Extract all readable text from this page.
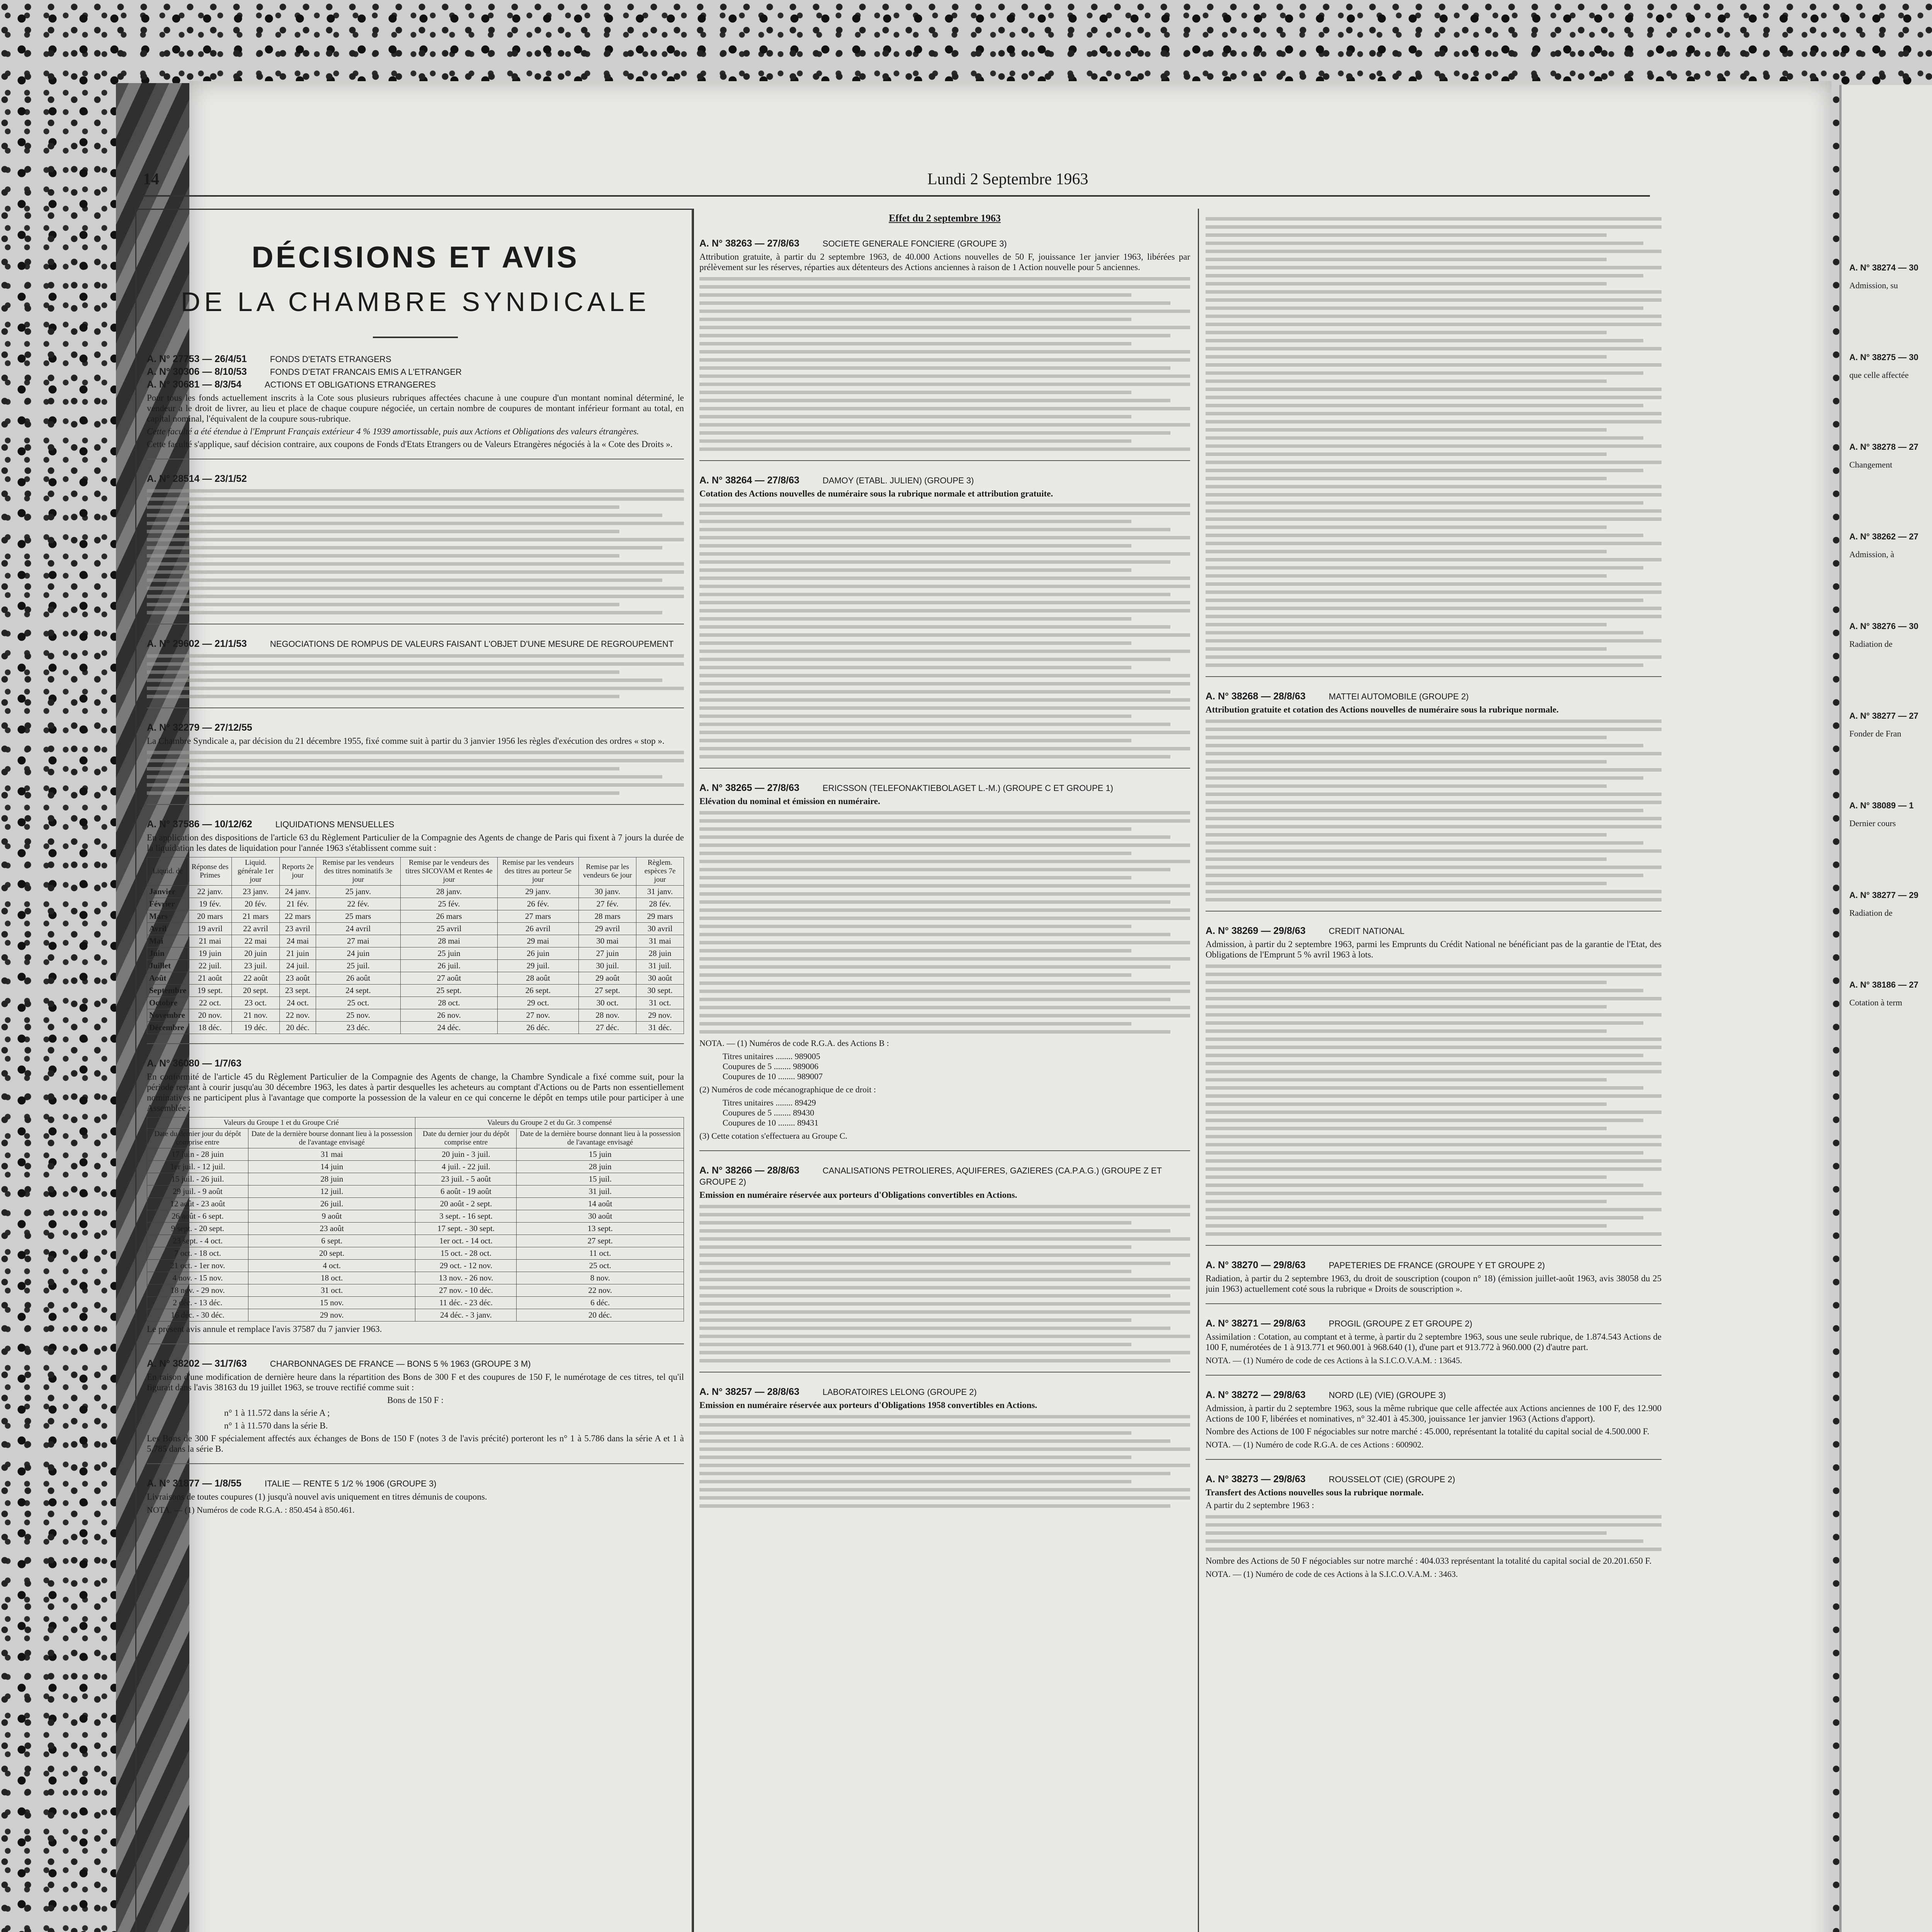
14	Lundi 2 Septembre 1963
DÉCISIONS ET AVIS
DE LA CHAMBRE SYNDICALE
A. N° 27753 — 26/4/51	FONDS D'ETATS ETRANGERS
A. N° 30306 — 8/10/53	FONDS D'ETAT FRANCAIS EMIS A L'ETRANGER
A. N° 30681 — 8/3/54	ACTIONS ET OBLIGATIONS ETRANGERES

Pour tous les fonds actuellement inscrits à la Cote sous plusieurs rubriques affectées chacune à une coupure d'un montant nominal déterminé, le vendeur a le droit de livrer, au lieu et place de chaque coupure négociée, un certain nombre de coupures de montant inférieur formant au total, en capital nominal, l'équivalent de la coupure sous-rubrique.

Cette faculté a été étendue à l'Emprunt Français extérieur 4 % 1939 amortissable, puis aux Actions et Obligations des valeurs étrangères.

Cette faculté s'applique, sauf décision contraire, aux coupons de Fonds d'Etats Etrangers ou de Valeurs Etrangères négociés à la « Cote des Droits ».

A. N° 28514 — 23/1/52
A. N° 29602 — 21/1/53	NEGOCIATIONS DE ROMPUS DE VALEURS FAISANT L'OBJET D'UNE MESURE DE REGROUPEMENT
A. N° 32279 — 27/12/55

La Chambre Syndicale a, par décision du 21 décembre 1955, fixé comme suit à partir du 3 janvier 1956 les règles d'exécution des ordres « stop ».

A. N° 37586 — 10/12/62	LIQUIDATIONS MENSUELLES

En application des dispositions de l'article 63 du Règlement Particulier de la Compagnie des Agents de change de Paris qui fixent à 7 jours la durée de la liquidation les dates de liquidation pour l'année 1963 s'établissent comme suit :

Liquid. de	Réponse des Primes	Liquid. générale 1er jour	Reports 2e jour	Remise par les vendeurs des titres nominatifs 3e jour	Remise par le vendeurs des titres SICOVAM et Rentes 4e jour	Remise par les vendeurs des titres au porteur 5e jour	Remise par les vendeurs 6e jour	Règlem. espèces 7e jour
Janvier	22 janv.	23 janv.	24 janv.	25 janv.	28 janv.	29 janv.	30 janv.	31 janv.
Février	19 fév.	20 fév.	21 fév.	22 fév.	25 fév.	26 fév.	27 fév.	28 fév.
Mars	20 mars	21 mars	22 mars	25 mars	26 mars	27 mars	28 mars	29 mars
Avril	19 avril	22 avril	23 avril	24 avril	25 avril	26 avril	29 avril	30 avril
Mai	21 mai	22 mai	24 mai	27 mai	28 mai	29 mai	30 mai	31 mai
Juin	19 juin	20 juin	21 juin	24 juin	25 juin	26 juin	27 juin	28 juin
Juillet	22 juil.	23 juil.	24 juil.	25 juil.	26 juil.	29 juil.	30 juil.	31 juil.
Août	21 août	22 août	23 août	26 août	27 août	28 août	29 août	30 août
Septembre	19 sept.	20 sept.	23 sept.	24 sept.	25 sept.	26 sept.	27 sept.	30 sept.
Octobre	22 oct.	23 oct.	24 oct.	25 oct.	28 oct.	29 oct.	30 oct.	31 oct.
Novembre	20 nov.	21 nov.	22 nov.	25 nov.	26 nov.	27 nov.	28 nov.	29 nov.
Décembre	18 déc.	19 déc.	20 déc.	23 déc.	24 déc.	26 déc.	27 déc.	31 déc.
A. N° 36080 — 1/7/63

En conformité de l'article 45 du Règlement Particulier de la Compagnie des Agents de change, la Chambre Syndicale a fixé comme suit, pour la période restant à courir jusqu'au 30 décembre 1963, les dates à partir desquelles les acheteurs au comptant d'Actions ou de Parts non essentiellement nominatives ne participent plus à l'avantage que comporte la possession de la valeur en ce qui concerne le dépôt en temps utile pour participer à une Assemblée :

Valeurs du Groupe 1 et du Groupe Crié		Valeurs du Groupe 2 et du Gr. 3 compensé	
Date du dernier jour du dépôt comprise entre	Date de la dernière bourse donnant lieu à la possession de l'avantage envisagé	Date du dernier jour du dépôt comprise entre	Date de la dernière bourse donnant lieu à la possession de l'avantage envisagé
17 juin - 28 juin	31 mai	20 juin - 3 juil.	15 juin
1er juil. - 12 juil.	14 juin	4 juil. - 22 juil.	28 juin
15 juil. - 26 juil.	28 juin	23 juil. - 5 août	15 juil.
29 juil. - 9 août	12 juil.	6 août - 19 août	31 juil.
12 août - 23 août	26 juil.	20 août - 2 sept.	14 août
26 août - 6 sept.	9 août	3 sept. - 16 sept.	30 août
9 sept. - 20 sept.	23 août	17 sept. - 30 sept.	13 sept.
23 sept. - 4 oct.	6 sept.	1er oct. - 14 oct.	27 sept.
7 oct. - 18 oct.	20 sept.	15 oct. - 28 oct.	11 oct.
21 oct. - 1er nov.	4 oct.	29 oct. - 12 nov.	25 oct.
4 nov. - 15 nov.	18 oct.	13 nov. - 26 nov.	8 nov.
18 nov. - 29 nov.	31 oct.	27 nov. - 10 déc.	22 nov.
2 déc. - 13 déc.	15 nov.	11 déc. - 23 déc.	6 déc.
16 déc. - 30 déc.	29 nov.	24 déc. - 3 janv.	20 déc.

Le présent avis annule et remplace l'avis 37587 du 7 janvier 1963.

A. N° 38202 — 31/7/63	CHARBONNAGES DE FRANCE — BONS 5 % 1963 (GROUPE 3 M)

En raison d'une modification de dernière heure dans la répartition des Bons de 300 F et des coupures de 150 F, le numérotage de ces titres, tel qu'il figurait dans l'avis 38163 du 19 juillet 1963, se trouve rectifié comme suit :

Bons de 150 F :

n° 1 à 11.572 dans la série A ;

n° 1 à 11.570 dans la série B.

Les Bons de 300 F spécialement affectés aux échanges de Bons de 150 F (notes 3 de l'avis précité) porteront les n° 1 à 5.786 dans la série A et 1 à 5.785 dans la série B.

A. N° 31877 — 1/8/55	ITALIE — RENTE 5 1/2 % 1906 (GROUPE 3)

Livraisons de toutes coupures (1) jusqu'à nouvel avis uniquement en titres démunis de coupons.

NOTA. — (1) Numéros de code R.G.A. : 850.454 à 850.461.

Effet du 2 septembre 1963
A. N° 38263 — 27/8/63	SOCIETE GENERALE FONCIERE (GROUPE 3)

Attribution gratuite, à partir du 2 septembre 1963, de 40.000 Actions nouvelles de 50 F, jouissance 1er janvier 1963, libérées par prélèvement sur les réserves, réparties aux détenteurs des Actions anciennes à raison de 1 Action nouvelle pour 5 anciennes.

A. N° 38264 — 27/8/63	DAMOY (ETABL. JULIEN) (GROUPE 3)

Cotation des Actions nouvelles de numéraire sous la rubrique normale et attribution gratuite.

A. N° 38265 — 27/8/63	ERICSSON (TELEFONAKTIEBOLAGET L.-M.) (GROUPE C ET GROUPE 1)

Elévation du nominal et émission en numéraire.

NOTA. — (1) Numéros de code R.G.A. des Actions B :

Titres unitaires ........ 989005
Coupures de 5 ........ 989006
Coupures de 10 ........ 989007

(2) Numéros de code mécanographique de ce droit :

Titres unitaires ........ 89429
Coupures de 5 ........ 89430
Coupures de 10 ........ 89431

(3) Cette cotation s'effectuera au Groupe C.

A. N° 38266 — 28/8/63	CANALISATIONS PETROLIERES, AQUIFERES, GAZIERES (CA.P.A.G.) (GROUPE Z ET GROUPE 2)

Emission en numéraire réservée aux porteurs d'Obligations convertibles en Actions.

A. N° 38257 — 28/8/63	LABORATOIRES LELONG (GROUPE 2)

Emission en numéraire réservée aux porteurs d'Obligations 1958 convertibles en Actions.

A. N° 38268 — 28/8/63	MATTEI AUTOMOBILE (GROUPE 2)

Attribution gratuite et cotation des Actions nouvelles de numéraire sous la rubrique normale.

A. N° 38269 — 29/8/63	CREDIT NATIONAL

Admission, à partir du 2 septembre 1963, parmi les Emprunts du Crédit National ne bénéficiant pas de la garantie de l'Etat, des Obligations de l'Emprunt 5 % avril 1963 à lots.

A. N° 38270 — 29/8/63	PAPETERIES DE FRANCE (GROUPE Y ET GROUPE 2)

Radiation, à partir du 2 septembre 1963, du droit de souscription (coupon n° 18) (émission juillet-août 1963, avis 38058 du 25 juin 1963) actuellement coté sous la rubrique « Droits de souscription ».

A. N° 38271 — 29/8/63	PROGIL (GROUPE Z ET GROUPE 2)

Assimilation : Cotation, au comptant et à terme, à partir du 2 septembre 1963, sous une seule rubrique, de 1.874.543 Actions de 100 F, numérotées de 1 à 913.771 et 960.001 à 968.640 (1), d'une part et 913.772 à 960.000 (2) d'autre part.

NOTA. — (1) Numéro de code de ces Actions à la S.I.C.O.V.A.M. : 13645.

A. N° 38272 — 29/8/63	NORD (LE) (VIE) (GROUPE 3)

Admission, à partir du 2 septembre 1963, sous la même rubrique que celle affectée aux Actions anciennes de 100 F, des 12.900 Actions de 100 F, libérées et nominatives, n° 32.401 à 45.300, jouissance 1er janvier 1963 (Actions d'apport).

Nombre des Actions de 100 F négociables sur notre marché : 45.000, représentant la totalité du capital social de 4.500.000 F.

NOTA. — (1) Numéro de code R.G.A. de ces Actions : 600902.

A. N° 38273 — 29/8/63	ROUSSELOT (CIE) (GROUPE 2)

Transfert des Actions nouvelles sous la rubrique normale.

A partir du 2 septembre 1963 :

Nombre des Actions de 50 F négociables sur notre marché : 404.033 représentant la totalité du capital social de 20.201.650 F.

NOTA. — (1) Numéro de code de ces Actions à la S.I.C.O.V.A.M. : 3463.

A. N° 38274 — 30
Admission, su
A. N° 38275 — 30
que celle affectée
A. N° 38278 — 27
Changement
A. N° 38262 — 27
Admission, à
A. N° 38276 — 30
Radiation de
A. N° 38277 — 27
Fonder de Fran
A. N° 38089 — 1
Dernier cours
A. N° 38277 — 29
Radiation de
A. N° 38186 — 27
Cotation à term
